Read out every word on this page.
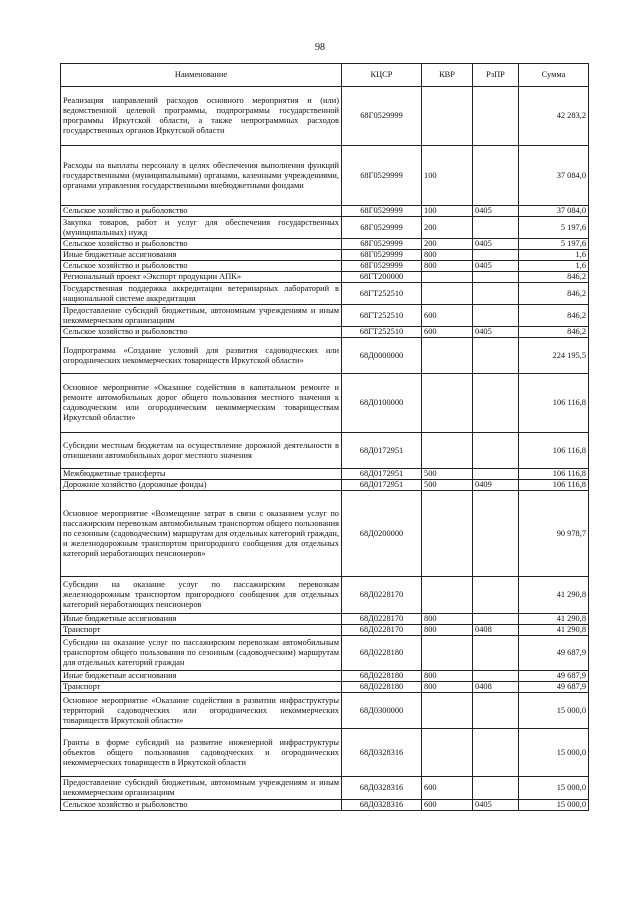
98
Наименование	КЦСР	КВР	РзПР	Сумма
Реализация направлений расходов основного мероприятия и (или) ведомственной целевой программы, подпрограммы государственной программы Иркутской области, а также непрограммных расходов государственных органов Иркутской области	68Г0529999			42 283,2
Расходы на выплаты персоналу в целях обеспечения выполнения функций государственными (муниципальными) органами, казенными учреждениями, органами управления государственными внебюджетными фондами	68Г0529999	100		37 084,0
Сельское хозяйство и рыболовство	68Г0529999	100	0405	37 084,0
Закупка товаров, работ и услуг для обеспечения государственных (муниципальных) нужд	68Г0529999	200		5 197,6
Сельское хозяйство и рыболовство	68Г0529999	200	0405	5 197,6
Иные бюджетные ассигнования	68Г0529999	800		1,6
Сельское хозяйство и рыболовство	68Г0529999	800	0405	1,6
Региональный проект «Экспорт продукции АПК»	68ГТ200000			846,2
Государственная поддержка аккредитации ветеринарных лабораторий в национальной системе аккредитации	68ГТ252510			846,2
Предоставление субсидий бюджетным, автономным учреждениям и иным некоммерческим организациям	68ГТ252510	600		846,2
Сельское хозяйство и рыболовство	68ГТ252510	600	0405	846,2
Подпрограмма «Создание условий для развития садоводческих или огороднических некоммерческих товариществ Иркутской области»	68Д0000000			224 195,5
Основное мероприятие «Оказание содействия в капитальном ремонте и ремонте автомобильных дорог общего пользования местного значения к садоводческим или огородническим некоммерческим товариществам Иркутской области»	68Д0100000			106 116,8
Субсидии местным бюджетам на осуществление дорожной деятельности в отношении автомобильных дорог местного значения	68Д0172951			106 116,8
Межбюджетные трансферты	68Д0172951	500		106 116,8
Дорожное хозяйство (дорожные фонды)	68Д0172951	500	0409	106 116,8
Основное мероприятие «Возмещение затрат в связи с оказанием услуг по пассажирским перевозкам автомобильным транспортом общего пользования по сезонным (садоводческим) маршрутам для отдельных категорий граждан, и железнодорожным транспортом пригородного сообщения для отдельных категорий неработающих пенсионеров»	68Д0200000			90 978,7
Субсидии на оказание услуг по пассажирским перевозкам железнодорожным транспортом пригородного сообщения для отдельных категорий неработающих пенсионеров	68Д0228170			41 290,8
Иные бюджетные ассигнования	68Д0228170	800		41 290,8
Транспорт	68Д0228170	800	0408	41 290,8
Субсидии на оказание услуг по пассажирским перевозкам автомобильным транспортом общего пользования по сезонным (садоводческим) маршрутам для отдельных категорий граждан	68Д0228180			49 687,9
Иные бюджетные ассигнования	68Д0228180	800		49 687,9
Транспорт	68Д0228180	800	0408	49 687,9
Основное мероприятие «Оказание содействия в развитии инфраструктуры территорий садоводческих или огороднических некоммерческих товариществ Иркутской области»	68Д0300000			15 000,0
Гранты в форме субсидий на развитие инженерной инфраструктуры объектов общего пользования садоводческих и огороднических некоммерческих товариществ в Иркутской области	68Д0328316			15 000,0
Предоставление субсидий бюджетным, автономным учреждениям и иным некоммерческим организациям	68Д0328316	600		15 000,0
Сельское хозяйство и рыболовство	68Д0328316	600	0405	15 000,0
